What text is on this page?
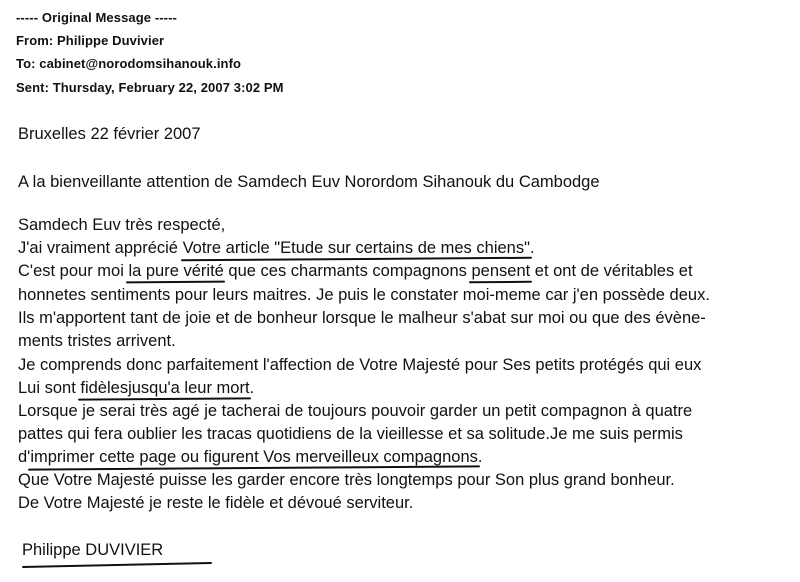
----- Original Message -----
From: Philippe Duvivier
To: cabinet@norodomsihanouk.info
Sent: Thursday, February 22, 2007 3:02 PM
Bruxelles 22 février 2007
A la bienveillante attention de Samdech Euv Norordom Sihanouk du Cambodge
Samdech Euv très respecté,
J'ai vraiment apprécié Votre article "Etude sur certains de mes chiens".
C'est pour moi la pure vérité que ces charmants compagnons pensent et ont de véritables et
honnetes sentiments pour leurs maitres. Je puis le constater moi-meme car j'en possède deux.
Ils m'apportent tant de joie et de bonheur lorsque le malheur s'abat sur moi ou que des évène-
ments tristes arrivent.
Je comprends donc parfaitement l'affection de Votre Majesté pour Ses petits protégés qui eux
Lui sont fidèlesjusqu'a leur mort.
Lorsque je serai très agé je tacherai de toujours pouvoir garder un petit compagnon à quatre
pattes qui fera oublier les tracas quotidiens de la vieillesse et sa solitude.Je me suis permis
d'imprimer cette page ou figurent Vos merveilleux compagnons.
Que Votre Majesté puisse les garder encore très longtemps pour Son plus grand bonheur.
De Votre Majesté je reste le fidèle et dévoué serviteur.
Philippe DUVIVIER
